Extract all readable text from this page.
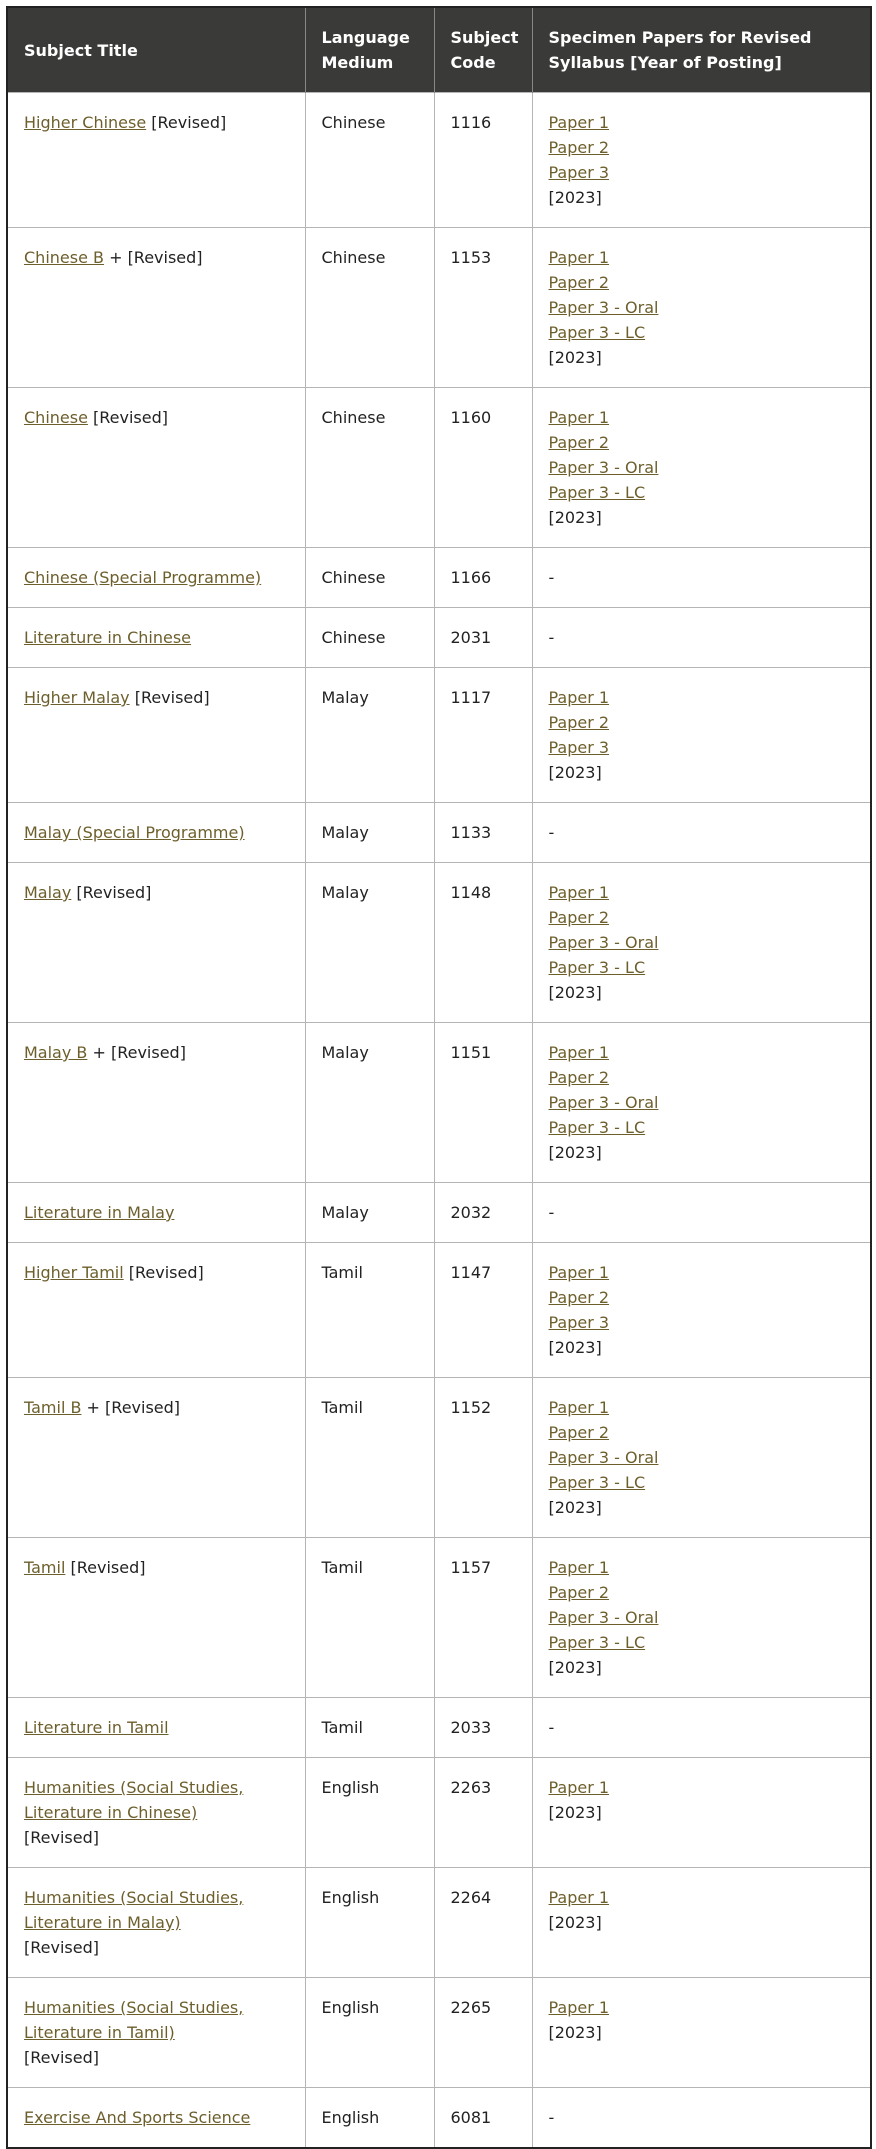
Subject Title	Language Medium	Subject Code	Specimen Papers for Revised Syllabus [Year of Posting]
Higher Chinese [Revised]	Chinese	1116	Paper 1
Paper 2
Paper 3
[2023]

Chinese B + [Revised]	Chinese	1153	Paper 1
Paper 2
Paper 3 - Oral
Paper 3 - LC
[2023]

Chinese [Revised]	Chinese	1160	Paper 1
Paper 2
Paper 3 - Oral
Paper 3 - LC
[2023]

Chinese (Special Programme)	Chinese	1166	-
Literature in Chinese	Chinese	2031	-
Higher Malay [Revised]	Malay	1117	Paper 1
Paper 2
Paper 3
[2023]

Malay (Special Programme)	Malay	1133	-
Malay [Revised]	Malay	1148	Paper 1
Paper 2
Paper 3 - Oral
Paper 3 - LC
[2023]

Malay B + [Revised]	Malay	1151	Paper 1
Paper 2
Paper 3 - Oral
Paper 3 - LC
[2023]

Literature in Malay	Malay	2032	-
Higher Tamil [Revised]	Tamil	1147	Paper 1
Paper 2
Paper 3
[2023]

Tamil B + [Revised]	Tamil	1152	Paper 1
Paper 2
Paper 3 - Oral
Paper 3 - LC
[2023]

Tamil [Revised]	Tamil	1157	Paper 1
Paper 2
Paper 3 - Oral
Paper 3 - LC
[2023]

Literature in Tamil	Tamil	2033	-

Humanities (Social Studies,
Literature in Chinese)
[Revised]	English	2263	Paper 1
[2023]

Humanities (Social Studies,
Literature in Malay)
[Revised]	English	2264	Paper 1
[2023]

Humanities (Social Studies,
Literature in Tamil)
[Revised]	English	2265	Paper 1
[2023]

Exercise And Sports Science	English	6081	-
